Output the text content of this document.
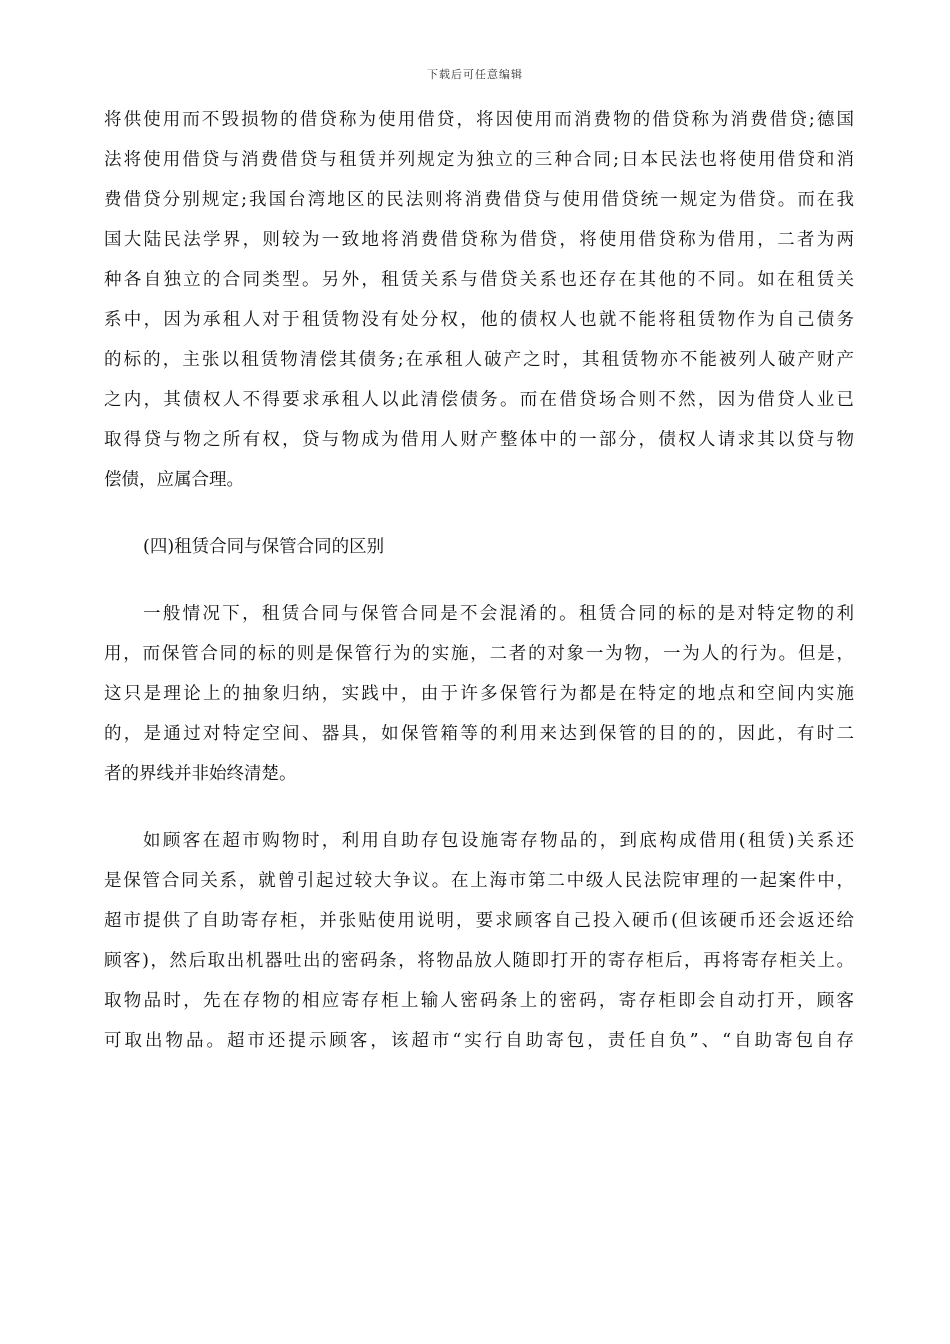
下载后可任意编辑
将供使用而不毁损物的借贷称为使用借贷，将因使用而消费物的借贷称为消费借贷;德国
法将使用借贷与消费借贷与租赁并列规定为独立的三种合同;日本民法也将使用借贷和消
费借贷分别规定;我国台湾地区的民法则将消费借贷与使用借贷统一规定为借贷。而在我
国大陆民法学界，则较为一致地将消费借贷称为借贷，将使用借贷称为借用，二者为两
种各自独立的合同类型。另外，租赁关系与借贷关系也还存在其他的不同。如在租赁关
系中，因为承租人对于租赁物没有处分权，他的债权人也就不能将租赁物作为自己债务
的标的，主张以租赁物清偿其债务;在承租人破产之时，其租赁物亦不能被列人破产财产
之内，其债权人不得要求承租人以此清偿债务。而在借贷场合则不然，因为借贷人业已
取得贷与物之所有权，贷与物成为借用人财产整体中的一部分，债权人请求其以贷与物
偿债，应属合理。
(四)租赁合同与保管合同的区别
一般情况下，租赁合同与保管合同是不会混淆的。租赁合同的标的是对特定物的利
用，而保管合同的标的则是保管行为的实施，二者的对象一为物，一为人的行为。但是，
这只是理论上的抽象归纳，实践中，由于许多保管行为都是在特定的地点和空间内实施
的，是通过对特定空间、器具，如保管箱等的利用来达到保管的目的的，因此，有时二
者的界线并非始终清楚。
如顾客在超市购物时，利用自助存包设施寄存物品的，到底构成借用(租赁)关系还
是保管合同关系，就曾引起过较大争议。在上海市第二中级人民法院审理的一起案件中，
超市提供了自助寄存柜，并张贴使用说明，要求顾客自己投入硬币(但该硬币还会返还给
顾客)，然后取出机器吐出的密码条，将物品放人随即打开的寄存柜后，再将寄存柜关上。
取物品时，先在存物的相应寄存柜上输人密码条上的密码，寄存柜即会自动打开，顾客
可取出物品。超市还提示顾客，该超市“实行自助寄包，责任自负”、“自助寄包自存
